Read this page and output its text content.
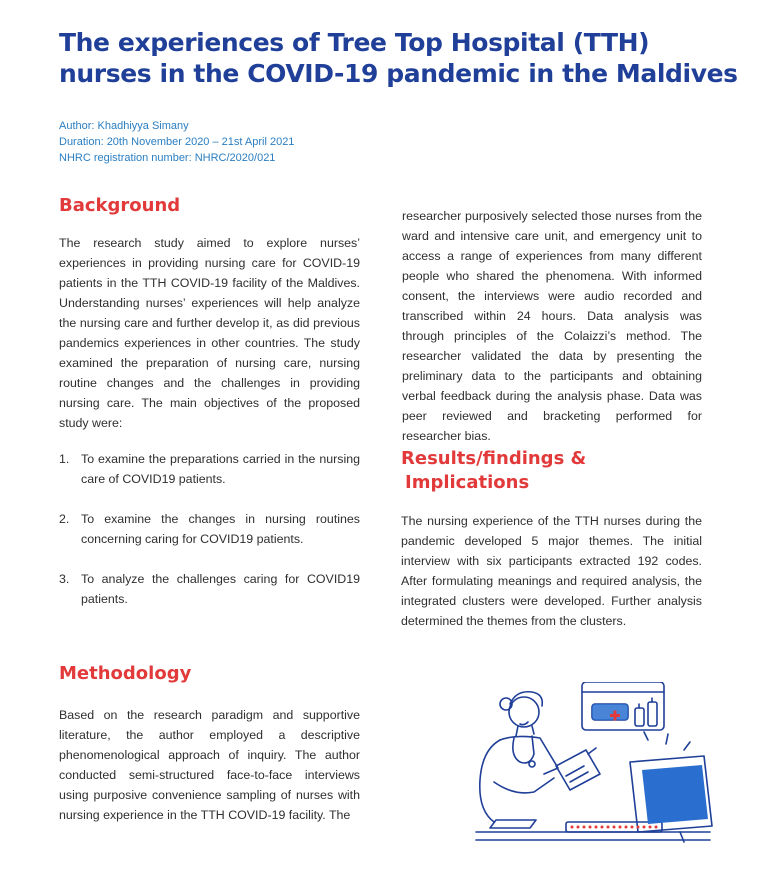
The experiences of Tree Top Hospital (TTH)
nurses in the COVID-19 pandemic in the Maldives
Author: Khadhiyya Simany
Duration: 20th November 2020 – 21st April 2021
NHRC registration number: NHRC/2020/021
Background

The research study aimed to explore nurses’ experiences in providing nursing care for COVID-19 patients in the TTH COVID-19 facility of the Maldives. Understanding nurses’ experiences will help analyze the nursing care and further develop it, as did previous pandemics experiences in other countries. The study examined the preparation of nursing care, nursing routine changes and the challenges in providing nursing care. The main objectives of the proposed study were:

1. To examine the preparations carried in the nursing care of COVID19 patients.
2. To examine the changes in nursing routines concerning caring for COVID19 patients.
3. To analyze the challenges caring for COVID19 patients.
Methodology

Based on the research paradigm and supportive literature, the author employed a descriptive phenomenological approach of inquiry. The author conducted semi-structured face-to-face interviews using purposive convenience sampling of nurses with nursing experience in the TTH COVID-19 facility. The

researcher purposively selected those nurses from the ward and intensive care unit, and emergency unit to access a range of experiences from many different people who shared the phenomena. With informed consent, the interviews were audio recorded and transcribed within 24 hours. Data analysis was through principles of the Colaizzi’s method. The researcher validated the data by presenting the preliminary data to the participants and obtaining verbal feedback during the analysis phase. Data was peer reviewed and bracketing performed for researcher bias.

Results/findings &
Implications

The nursing experience of the TTH nurses during the pandemic developed 5 major themes. The initial interview with six participants extracted 192 codes. After formulating meanings and required analysis, the integrated clusters were developed. Further analysis determined the themes from the clusters.
